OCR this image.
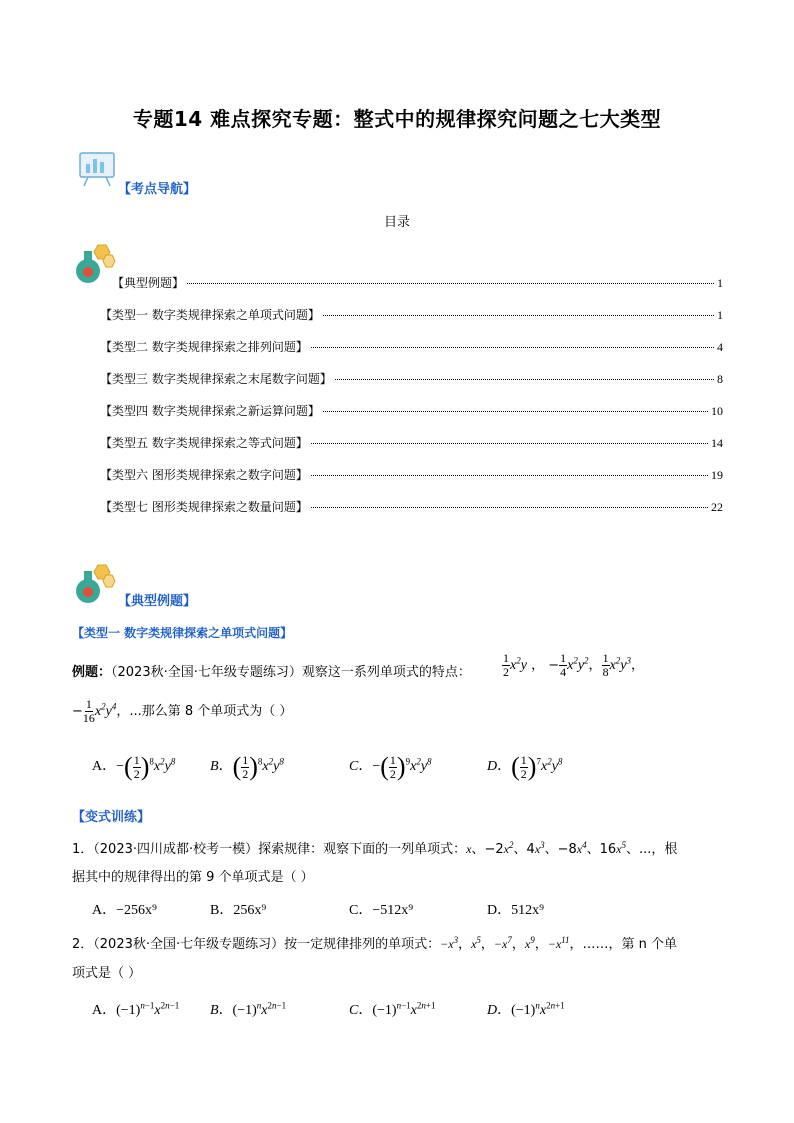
专题14 难点探究专题：整式中的规律探究问题之七大类型
【考点导航】
目录
【典型例题】	1
【类型一 数字类规律探索之单项式问题】	1
【类型二 数字类规律探索之排列问题】	4
【类型三 数字类规律探索之末尾数字问题】	8
【类型四 数字类规律探索之新运算问题】	10
【类型五 数字类规律探索之等式问题】	14
【类型六 图形类规律探索之数字问题】	19
【类型七 图形类规律探索之数量问题】	22
【典型例题】
【类型一 数字类规律探索之单项式问题】
例题：（2023秋·全国·七年级专题练习）观察这一系列单项式的特点：	$\frac{1}{2} x^2y$ ， − $\frac{1}{4} x^2y^2$， $\frac{1}{8} x^2y^3$，
− $\frac{1}{16} x^2y^4$，...那么第 8 个单项式为（ ）
A．−( $\frac{1}{2} )^8x^2y^8$ B．( $\frac{1}{2} )^8x^2y^8$	C．−( $\frac{1}{2} )^9x^2y^8$	D．( $\frac{1}{2} )^7x^2y^8$
【变式训练】
1．（2023·四川成都·校考一模）探索规律：观察下面的一列单项式：x、$-2x^2$、$4x^3$、$-8x^4$、$16x^5$、...，根
据其中的规律得出的第 9 个单项式是（ ）
A．−256x⁹	B．256x⁹	C．−512x⁹	D．512x⁹
2．（2023秋·全国·七年级专题练习）按一定规律排列的单项式：$-x^3$，$x^5$，$-x^7$，$x^9$，$-x^{11}$，……，第 n 个单
项式是（ ）
A．$(-1)^{n-1}x^{2n-1}$ B．$(-1)^nx^{2n-1}$	C．$(-1)^{n-1}x^{2n+1}$	D．$(-1)^nx^{2n+1}$
